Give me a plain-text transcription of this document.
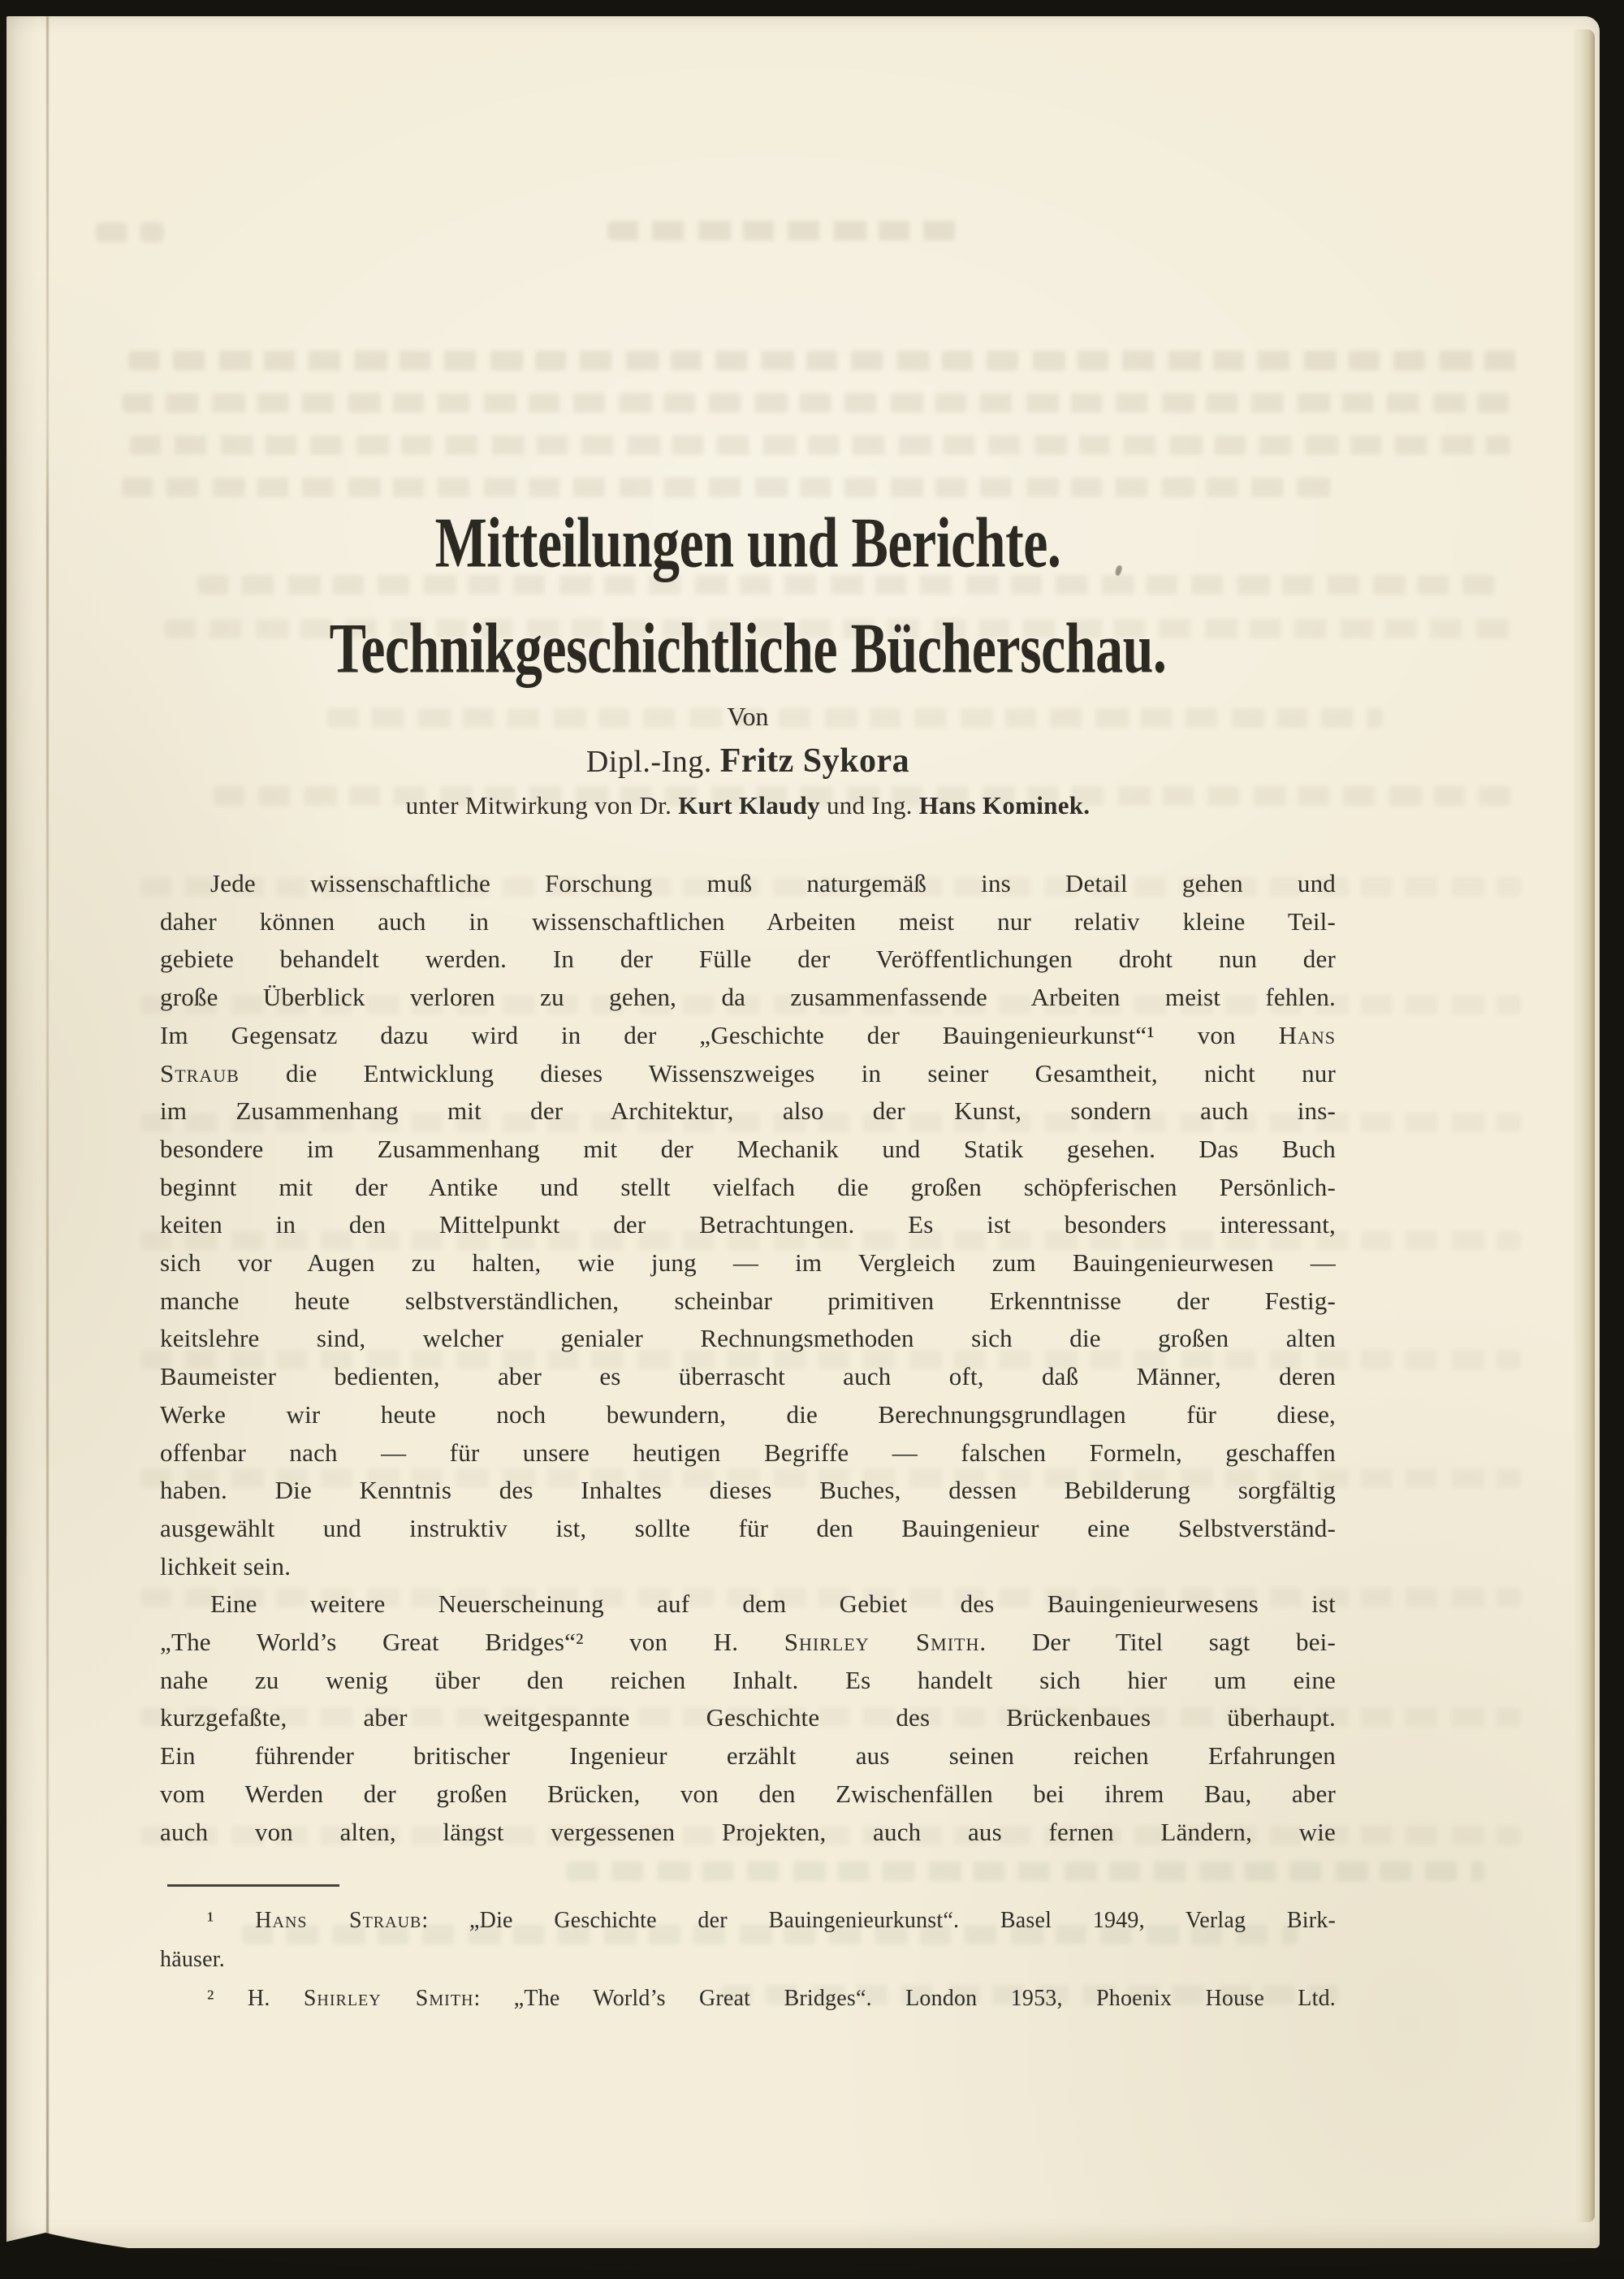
Mitteilungen und Berichte.
Technikgeschichtliche Bücherschau.
Von
Dipl.-Ing. Fritz Sykora
unter Mitwirkung von Dr. Kurt Klaudy und Ing. Hans Kominek.
Jede wissenschaftliche Forschung muß naturgemäß ins Detail gehen und
daher können auch in wissenschaftlichen Arbeiten meist nur relativ kleine Teil-
gebiete behandelt werden. In der Fülle der Veröffentlichungen droht nun der
große Überblick verloren zu gehen, da zusammenfassende Arbeiten meist fehlen.
Im Gegensatz dazu wird in der „Geschichte der Bauingenieurkunst“¹ von Hans
Straub die Entwicklung dieses Wissenszweiges in seiner Gesamtheit, nicht nur
im Zusammenhang mit der Architektur, also der Kunst, sondern auch ins-
besondere im Zusammenhang mit der Mechanik und Statik gesehen. Das Buch
beginnt mit der Antike und stellt vielfach die großen schöpferischen Persönlich-
keiten in den Mittelpunkt der Betrachtungen. Es ist besonders interessant,
sich vor Augen zu halten, wie jung — im Vergleich zum Bauingenieurwesen —
manche heute selbstverständlichen, scheinbar primitiven Erkenntnisse der Festig-
keitslehre sind, welcher genialer Rechnungsmethoden sich die großen alten
Baumeister bedienten, aber es überrascht auch oft, daß Männer, deren
Werke wir heute noch bewundern, die Berechnungsgrundlagen für diese,
offenbar nach — für unsere heutigen Begriffe — falschen Formeln, geschaffen
haben. Die Kenntnis des Inhaltes dieses Buches, dessen Bebilderung sorgfältig
ausgewählt und instruktiv ist, sollte für den Bauingenieur eine Selbstverständ-
lichkeit sein.
Eine weitere Neuerscheinung auf dem Gebiet des Bauingenieurwesens ist
„The World’s Great Bridges“² von H. Shirley Smith. Der Titel sagt bei-
nahe zu wenig über den reichen Inhalt. Es handelt sich hier um eine
kurzgefaßte, aber weitgespannte Geschichte des Brückenbaues überhaupt.
Ein führender britischer Ingenieur erzählt aus seinen reichen Erfahrungen
vom Werden der großen Brücken, von den Zwischenfällen bei ihrem Bau, aber
auch von alten, längst vergessenen Projekten, auch aus fernen Ländern, wie
¹ Hans Straub: „Die Geschichte der Bauingenieurkunst“. Basel 1949, Verlag Birk-
häuser.
² H. Shirley Smith: „The World’s Great Bridges“. London 1953, Phoenix House Ltd.
